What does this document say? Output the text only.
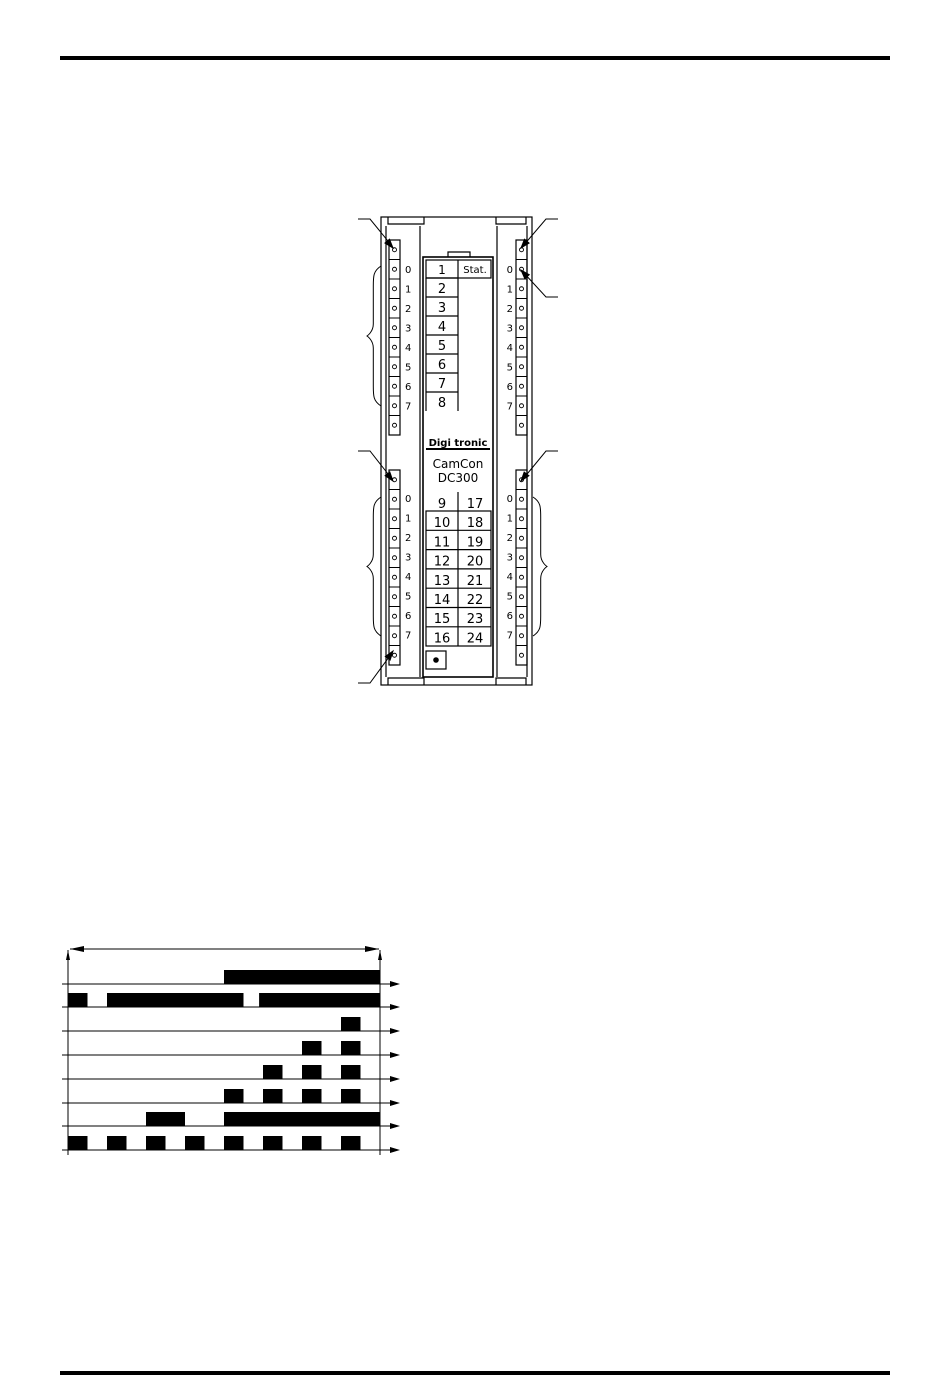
1 Stat.
2
3
4
5
6
7
8
Digi tronic
CamCon
DC300
9 17
10 18
11 19
12 20
13 21
14 22
15 23
16 24
0
1
2
3
4
5
6
7
0
1
2
3
4
5
6
7
0
1
2
3
4
5
6
7
0
1
2
3
4
5
6
7
